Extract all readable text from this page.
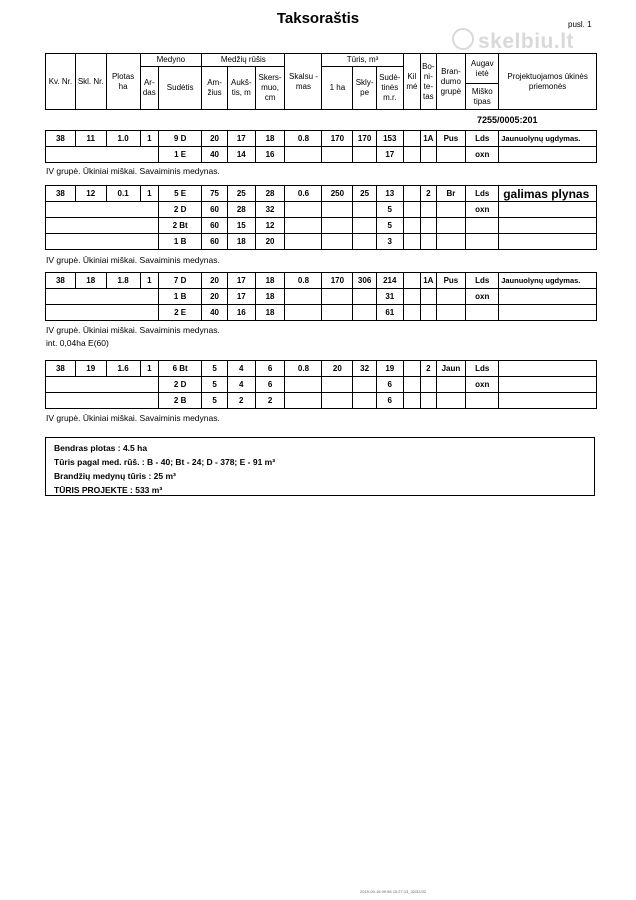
Taksoraštis	pusl. 1
skelbiu.lt
Kv. Nr.	Skl. Nr.	Plotas ha	Medyno		Medžių rūšis			Skalsu - mas	Tūris, m³			Kil mė	Bo-ni-te-tas	Bran-dumo grupė	Augav ietė	Projektuojamos ūkinės priemonės
			Ar-das	Sudėtis	Am-žius	Aukš-tis, m	Skers-muo, cm		1 ha	Skly-pe	Sudė-tinės m.r.					
															Miško tipas	

7255/0005:201
38	11	1.0	1	9 D	20	17	18	0.8	170	170	153		1A	Pus	Lds	Jaunuolynų ugdymas.
				1 E	40	14	16				17				oxn	
IV grupė. Ūkiniai miškai. Savaiminis medynas.
38	12	0.1	1	5 E	75	25	28	0.6	250	25	13		2	Br	Lds	galimas plynas
				2 D	60	28	32				5				oxn	
				2 Bt	60	15	12				5					
				1 B	60	18	20				3					
IV grupė. Ūkiniai miškai. Savaiminis medynas.
38	18	1.8	1	7 D	20	17	18	0.8	170	306	214		1A	Pus	Lds	Jaunuolynų ugdymas.
				1 B	20	17	18				31				oxn	
				2 E	40	16	18				61					
IV grupė. Ūkiniai miškai. Savaiminis medynas.
int. 0,04ha E(60)
38	19	1.6	1	6 Bt	5	4	6	0.8	20	32	19		2	Jaun	Lds	
				2 D	5	4	6				6				oxn	
				2 B	5	2	2				6					
IV grupė. Ūkiniai miškai. Savaiminis medynas.
Bendras plotas : 4.5 ha
Tūris pagal med. rūš. : B - 40; Bt - 24; D - 378; E - 91 m³
Brandžių medynų tūris : 25 m³
TŪRIS PROJEKTE : 533 m³
2019-09-18 09:58 10:27:13_32/32/32
